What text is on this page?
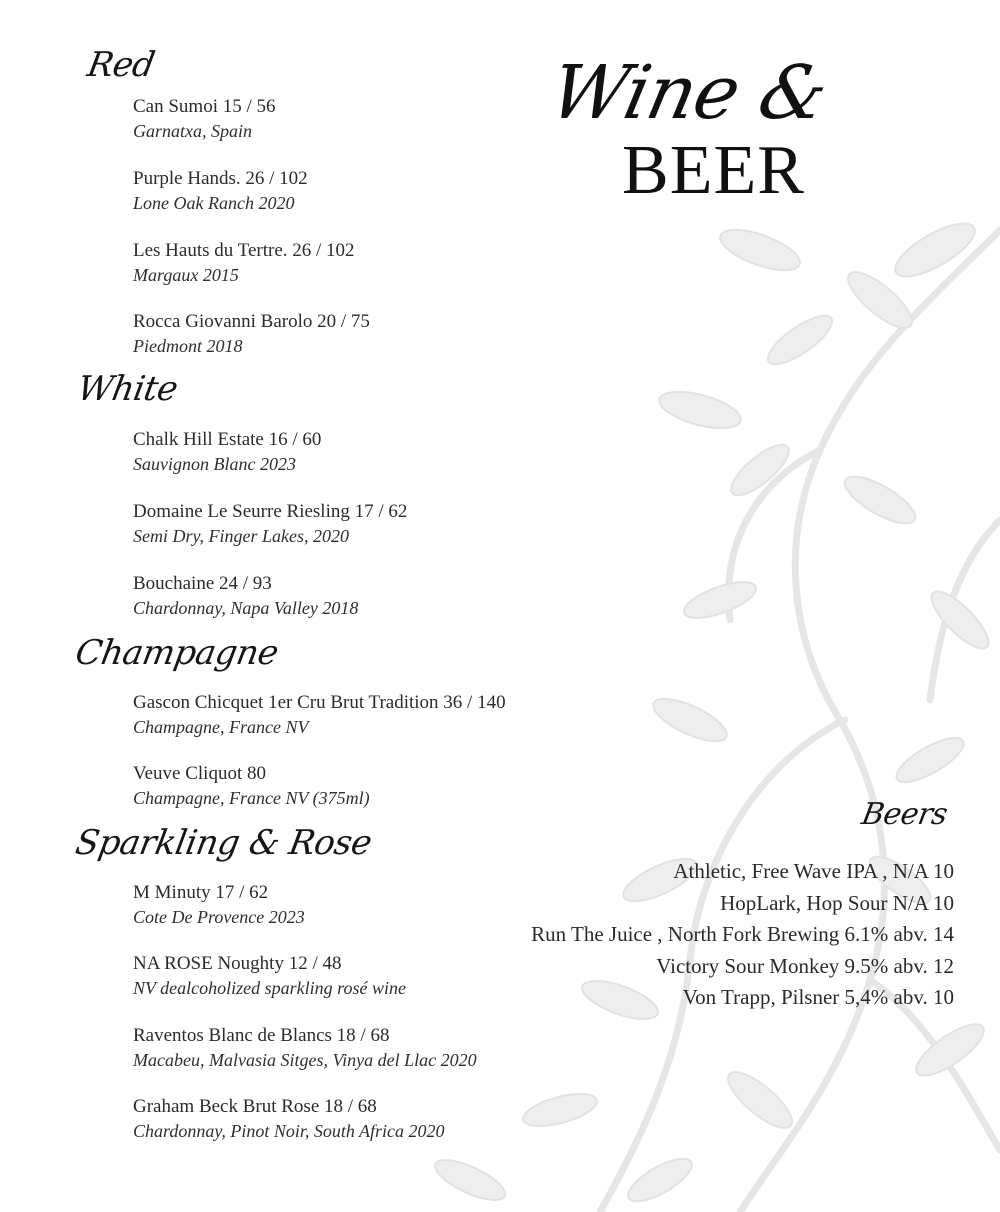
Wine &
BEER
Red
Can Sumoi 15 / 56
Garnatxa, Spain
Purple Hands. 26 / 102
Lone Oak Ranch 2020
Les Hauts du Tertre. 26 / 102
Margaux 2015
Rocca Giovanni Barolo 20 / 75
Piedmont 2018
White
Chalk Hill Estate 16 / 60
Sauvignon Blanc 2023
Domaine Le Seurre Riesling 17 / 62
Semi Dry, Finger Lakes, 2020
Bouchaine 24 / 93
Chardonnay, Napa Valley 2018
Champagne
Gascon Chicquet 1er Cru Brut Tradition 36 / 140
Champagne, France NV
Veuve Cliquot 80
Champagne, France NV (375ml)
Sparkling & Rose
M Minuty 17 / 62
Cote De Provence 2023
NA ROSE Noughty 12 / 48
NV dealcoholized sparkling rosé wine
Raventos Blanc de Blancs 18 / 68
Macabeu, Malvasia Sitges, Vinya del Llac 2020
Graham Beck Brut Rose 18 / 68
Chardonnay, Pinot Noir, South Africa 2020
Beers
Athletic, Free Wave IPA , N/A 10
HopLark, Hop Sour N/A 10
Run The Juice , North Fork Brewing 6.1% abv. 14
Victory Sour Monkey 9.5% abv. 12
Von Trapp, Pilsner 5,4% abv. 10
